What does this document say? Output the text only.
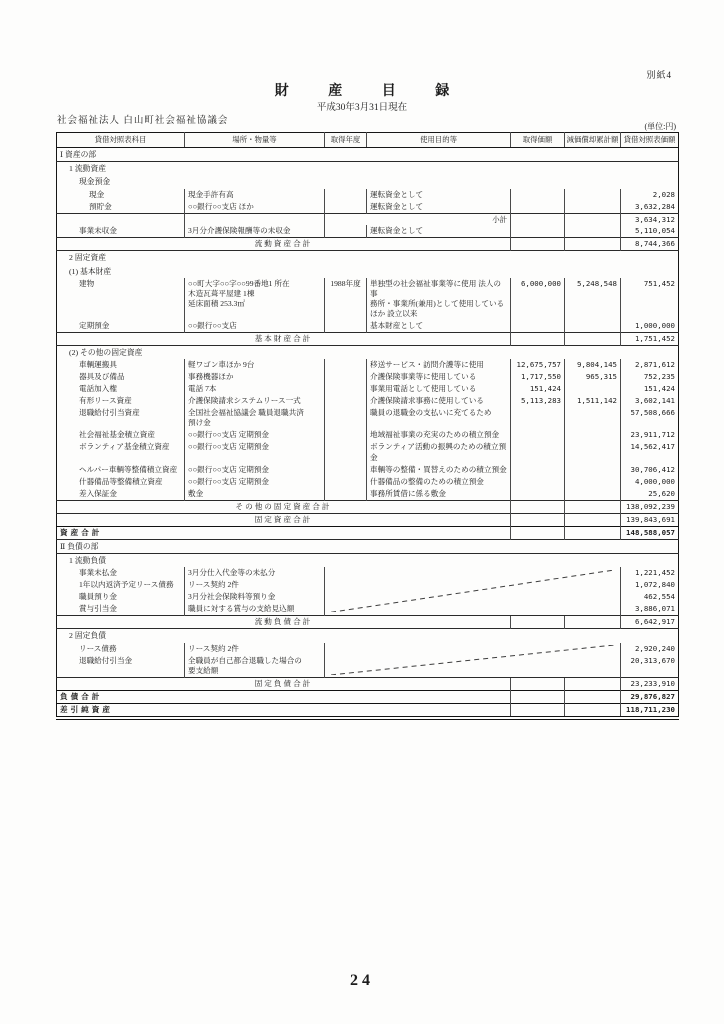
別紙4
財 産 目 録
平成30年3月31日現在
社会福祉法人 白山町社会福祉協議会
(単位:円)
貸借対照表科目	場所・物量等	取得年度	使用目的等	取得価額	減価償却累計額	貸借対照表価額
Ⅰ 資産の部						
1 流動資産						
現金預金						
現金	現金手許有高		運転資金として			2,028
預貯金	○○銀行○○支店 ほか		運転資金として			3,632,284
		小計				3,634,312
事業未収金	3月分介護保険報酬等の未収金		運転資金として			5,110,054
流動資産合計						8,744,366
2 固定資産						
(1) 基本財産						
建物	○○町大字○○字○○99番地1 所在
木造瓦葺平屋建 1棟
延床面積 253.3㎡	1988年度	単独型の社会福祉事業等に使用 法人の事
務所・事業所(兼用)として使用している
ほか 設立以来	6,000,000	5,248,548	751,452
定期預金	○○銀行○○支店		基本財産として			1,000,000
基本財産合計						1,751,452
(2) その他の固定資産						
車輌運搬具	軽ワゴン車ほか 9台		移送サービス・訪問介護等に使用	12,675,757	9,804,145	2,871,612
器具及び備品	事務機器ほか		介護保険事業等に使用している	1,717,550	965,315	752,235
電話加入権	電話 7本		事業用電話として使用している	151,424		151,424
有形リース資産	介護保険請求システムリース一式		介護保険請求事務に使用している	5,113,283	1,511,142	3,602,141
退職給付引当資産	全国社会福祉協議会 職員退職共済
預け金		職員の退職金の支払いに充てるため			57,508,666
社会福祉基金積立資産	○○銀行○○支店 定期預金		地域福祉事業の充実のための積立預金			23,911,712
ボランティア基金積立資産	○○銀行○○支店 定期預金		ボランティア活動の振興のための積立預金			14,562,417
ヘルパー車輌等整備積立資産	○○銀行○○支店 定期預金		車輌等の整備・買替えのための積立預金			30,706,412
什器備品等整備積立資産	○○銀行○○支店 定期預金		什器備品の整備のための積立預金			4,000,000
差入保証金	敷金		事務所賃借に係る敷金			25,620
その他の固定資産合計						138,092,239
固定資産合計						139,843,691
資産合計						148,588,057
Ⅱ 負債の部						
1 流動負債						
事業未払金	3月分仕入代金等の未払分					1,221,452
1年以内返済予定リース債務	リース契約 2件					1,072,840
職員預り金	3月分社会保険料等預り金					462,554
賞与引当金	職員に対する賞与の支給見込額					3,886,071
流動負債合計						6,642,917
2 固定負債						
リース債務	リース契約 2件					2,920,240
退職給付引当金	全職員が自己都合退職した場合の
要支給額					20,313,670
固定負債合計						23,233,910
負債合計						29,876,827
差引純資産						118,711,230
24
